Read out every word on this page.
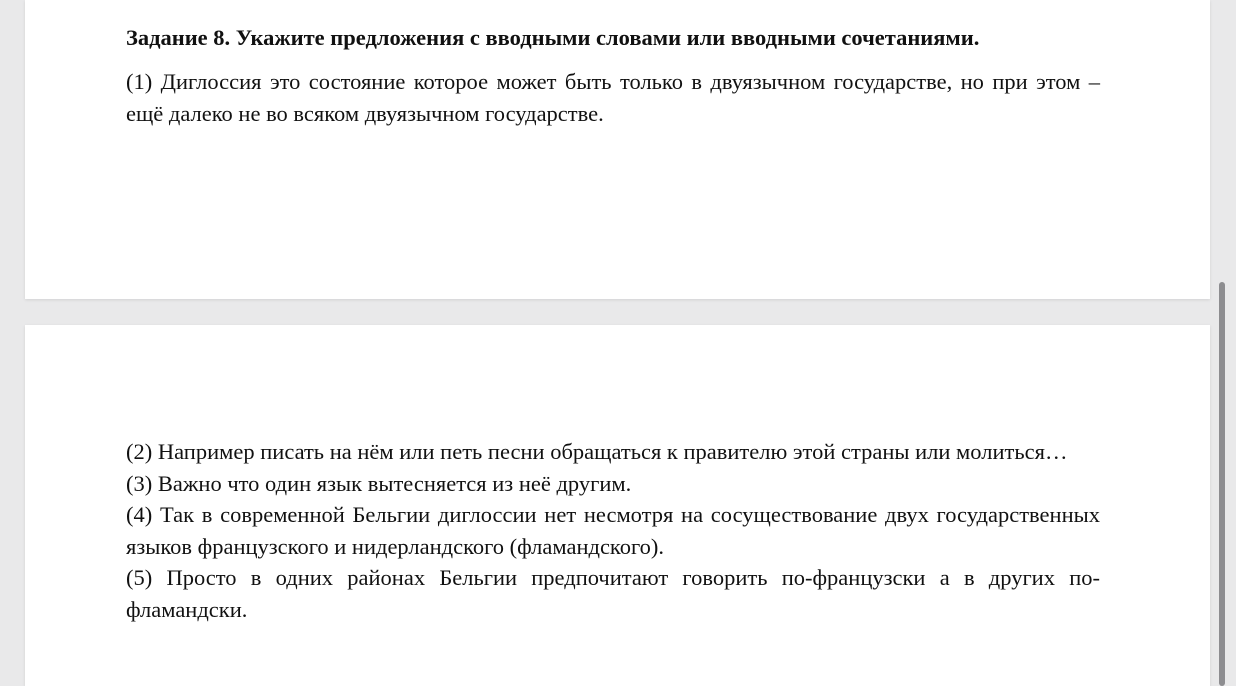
Задание 8. Укажите предложения с вводными словами или вводными сочетаниями.

(1) Диглоссия это состояние которое может быть только в двуязычном государстве, но при этом – ещё далеко не во всяком двуязычном государстве.

(2) Например писать на нём или петь песни обращаться к правителю этой страны или молиться…

(3) Важно что один язык вытесняется из неё другим.

(4) Так в современной Бельгии диглоссии нет несмотря на сосуществование двух государственных языков французского и нидерландского (фламандского).

(5) Просто в одних районах Бельгии предпочитают говорить по-французски а в других по-фламандски.
